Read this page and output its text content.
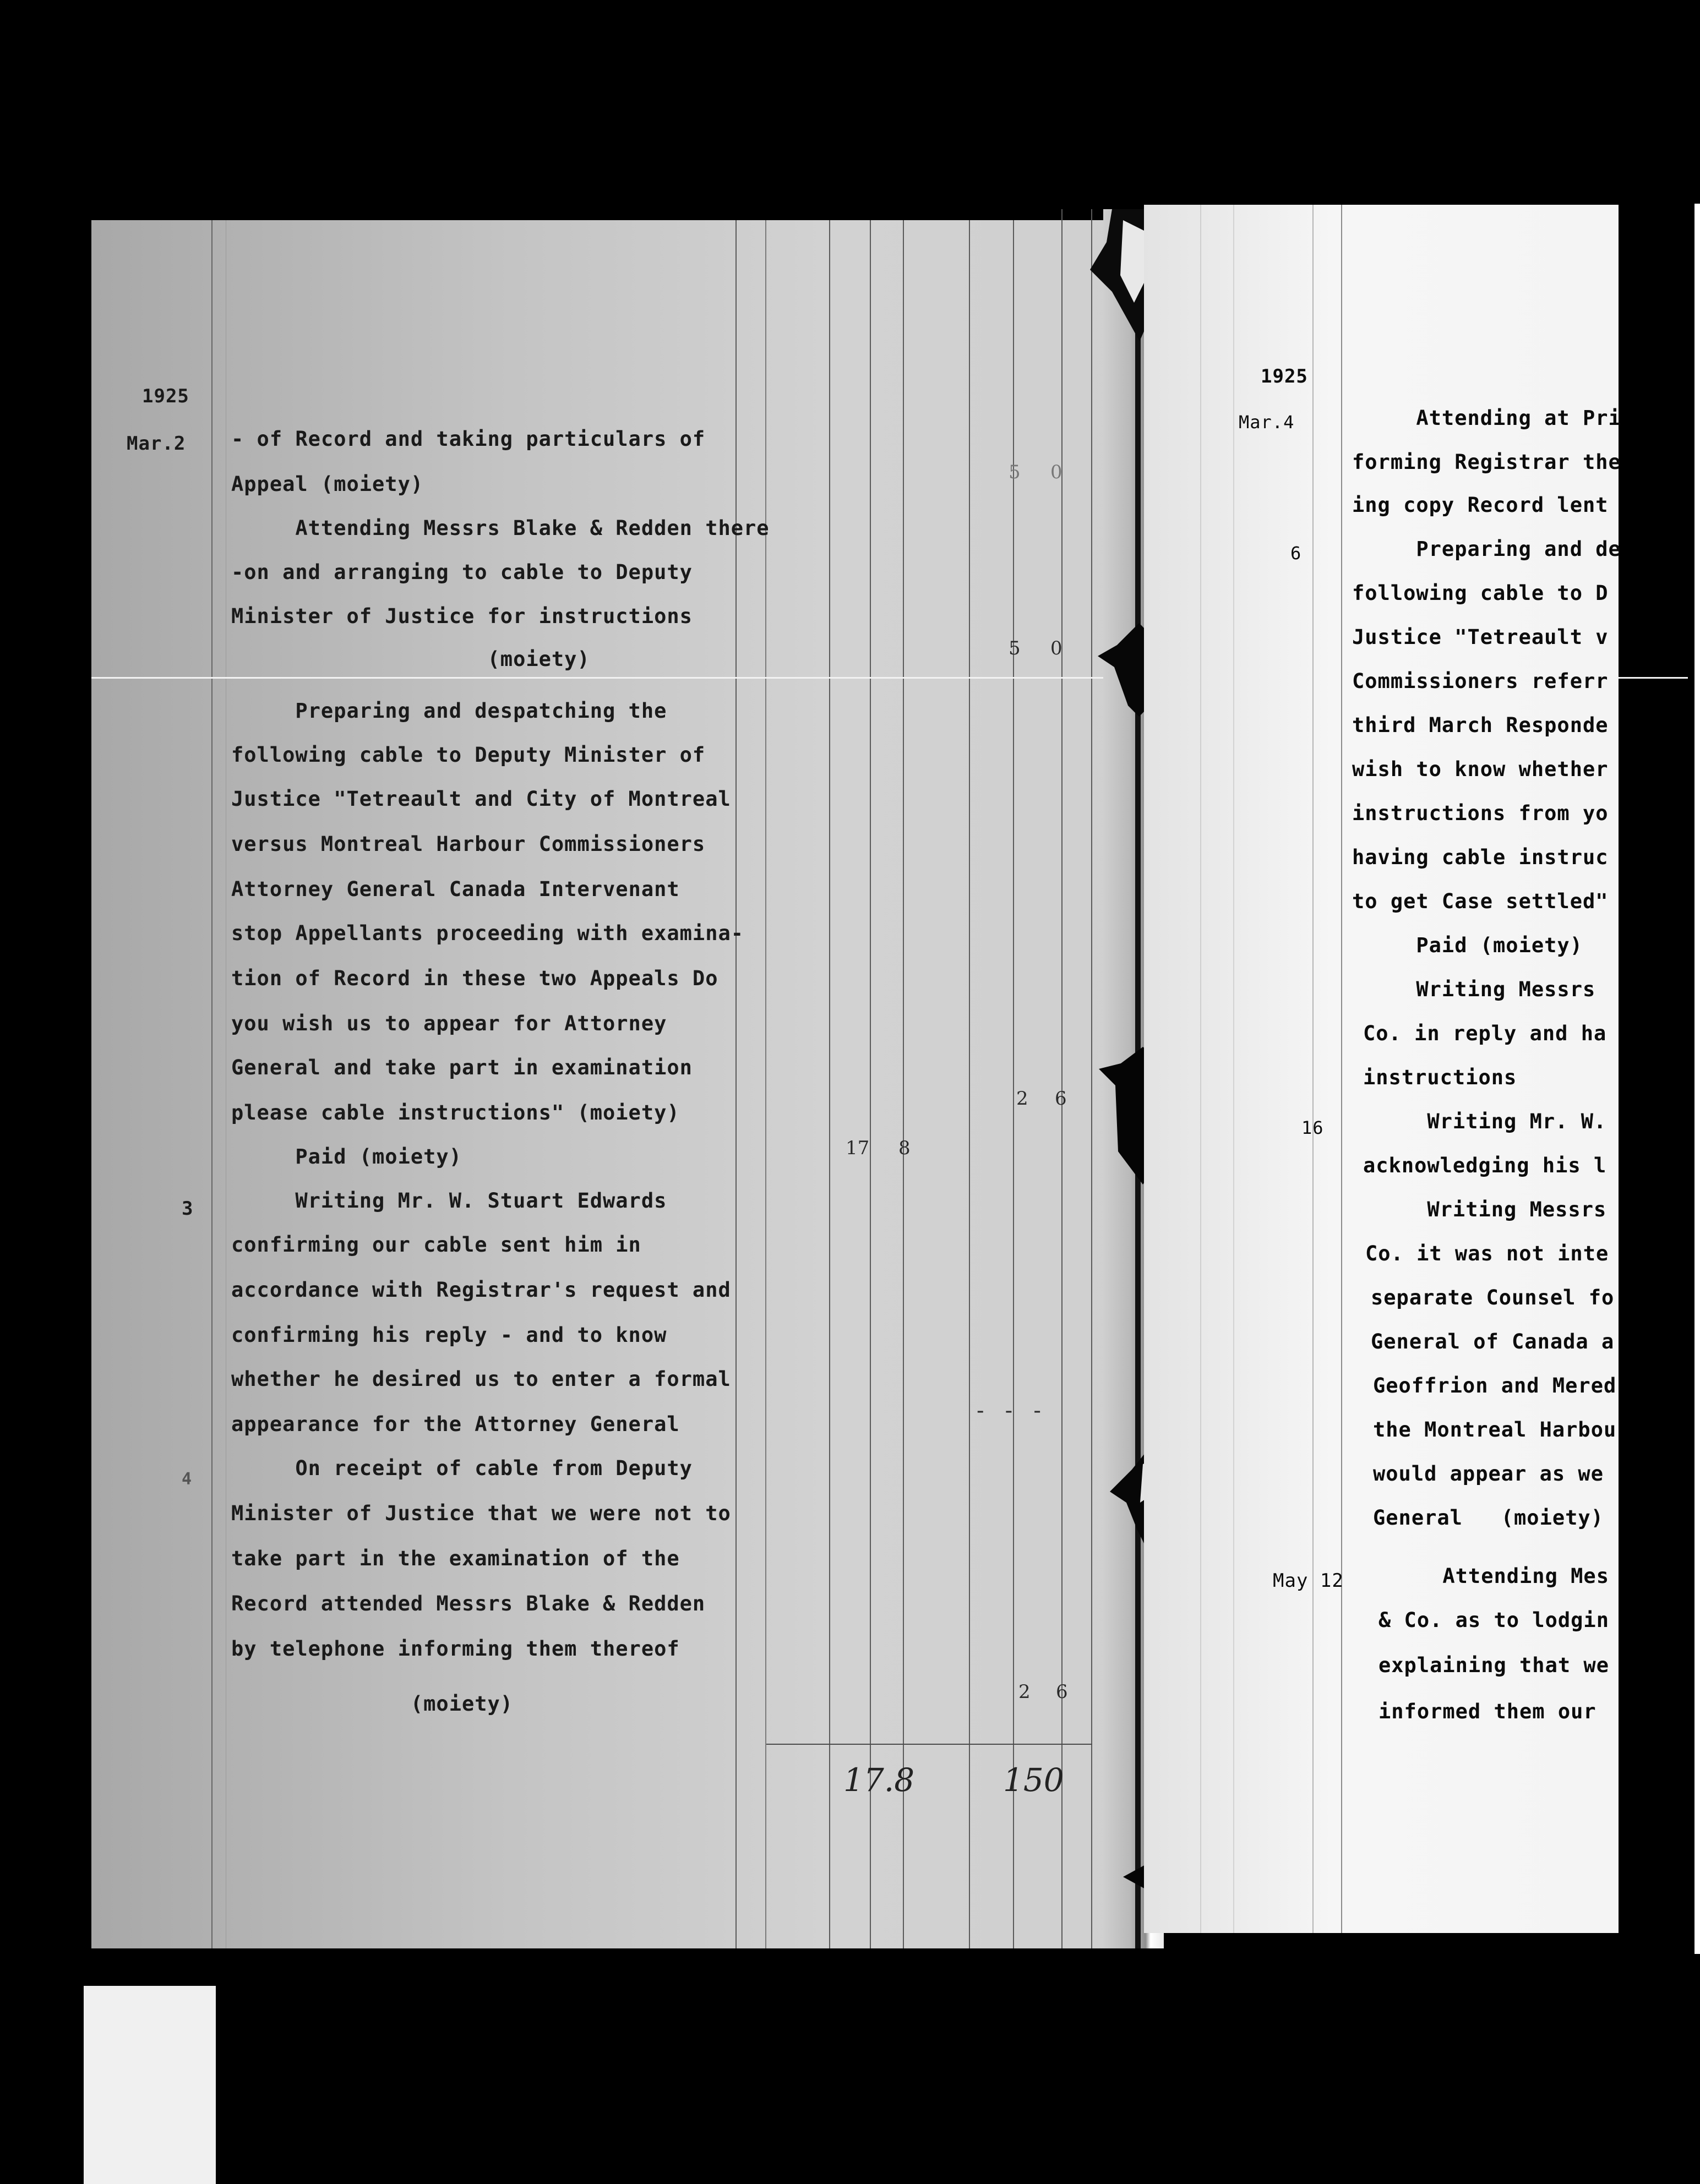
1925
Mar.2
3
4
- of Record and taking particulars of
Appeal (moiety)
Attending Messrs Blake & Redden there
-on and arranging to cable to Deputy
Minister of Justice for instructions
(moiety)
Preparing and despatching the
following cable to Deputy Minister of
Justice "Tetreault and City of Montreal
versus Montreal Harbour Commissioners
Attorney General Canada Intervenant
stop Appellants proceeding with examina-
tion of Record in these two Appeals Do
you wish us to appear for Attorney
General and take part in examination
please cable instructions" (moiety)
Paid (moiety)
Writing Mr. W. Stuart Edwards
confirming our cable sent him in
accordance with Registrar's request and
confirming his reply - and to know
whether he desired us to enter a formal
appearance for the Attorney General
On receipt of cable from Deputy
Minister of Justice that we were not to
take part in the examination of the
Record attended Messrs Blake & Redden
by telephone informing them thereof
(moiety)
5 0
5 0
2 6
17 8
-   -   -
2 6
17.8	150
1925
Mar.4
6
16
May 12
Attending at Pri
forming Registrar the
ing copy Record lent
Preparing and de
following cable to D
Justice "Tetreault v
Commissioners referr
third March Responde
wish to know whether
instructions from yo
having cable instruc
to get Case settled"
Paid (moiety)
Writing Messrs
Co. in reply and ha
instructions
Writing Mr. W.
acknowledging his l
Writing Messrs
Co. it was not inte
separate Counsel fo
General of Canada a
Geoffrion and Mered
the Montreal Harbou
would appear as we
General   (moiety)
Attending Mes
& Co. as to lodgin
explaining that we
informed them our
